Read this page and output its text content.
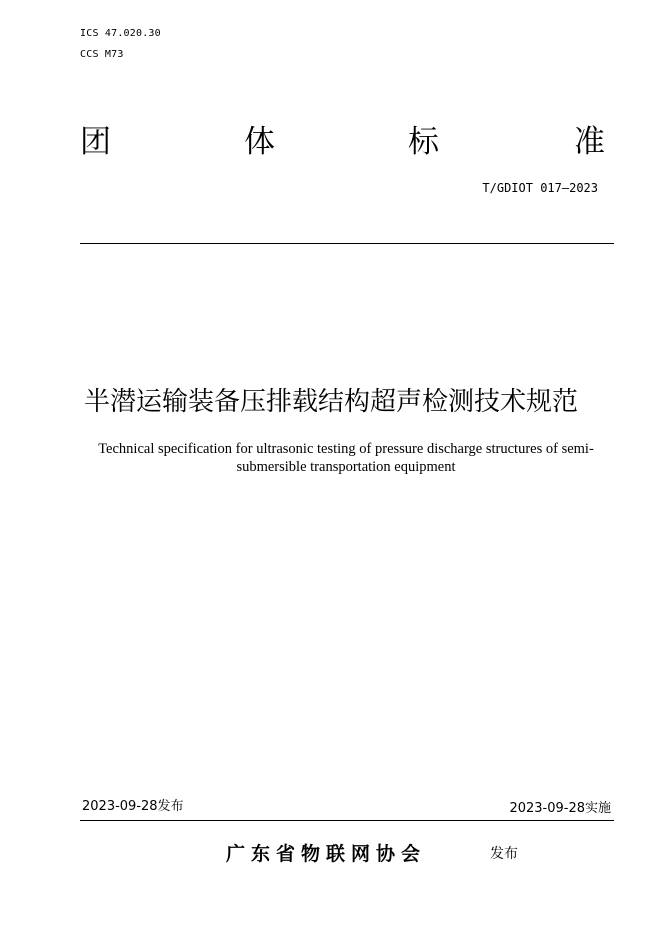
ICS 47.020.30
CCS M73
团	体	标	准
T/GDIOT 017—2023
半潜运输装备压排载结构超声检测技术规范
Technical specification for ultrasonic testing of pressure discharge structures of semi-submersible transportation equipment
2023-09-28发布	2023-09-28实施
广东省物联网协会	发布
